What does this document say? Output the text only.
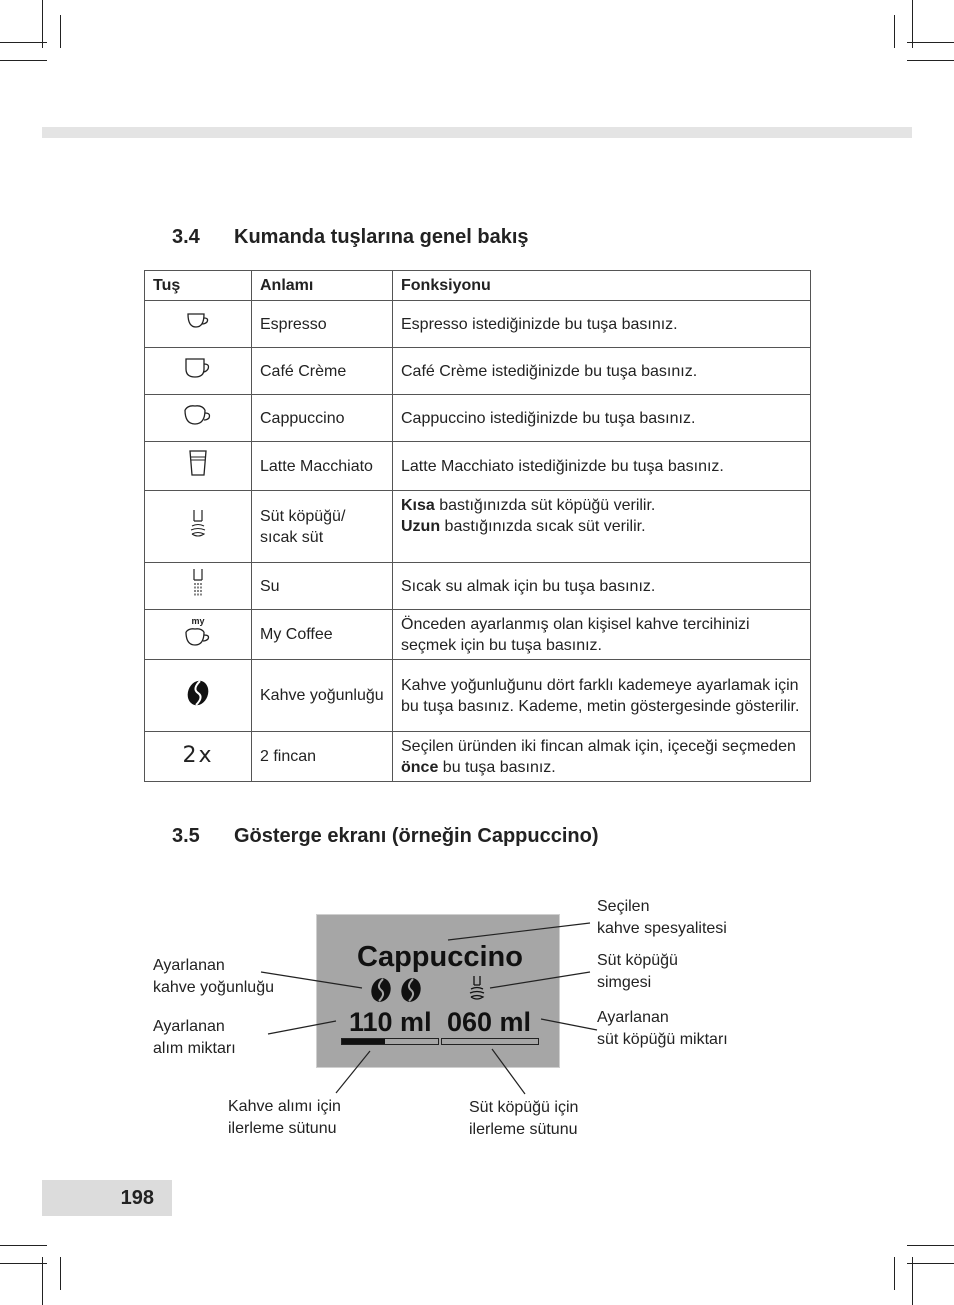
3.4 Kumanda tuşlarına genel bakış
Tuş	Anlamı	Fonksiyonu
	Espresso	Espresso istediğinizde bu tuşa basınız.
	Café Crème	Café Crème istediğinizde bu tuşa basınız.
	Cappuccino	Cappuccino istediğinizde bu tuşa basınız.
	Latte Macchiato	Latte Macchiato istediğinizde bu tuşa basınız.
	Süt köpüğü/ sıcak süt	Kısa bastığınızda süt köpüğü verilir.
Uzun bastığınızda sıcak süt verilir.
	Su	Sıcak su almak için bu tuşa basınız.

my	My Coffee	Önceden ayarlanmış olan kişisel kahve tercihinizi seçmek için bu tuşa basınız.
	Kahve yoğunluğu	Kahve yoğunluğunu dört farklı kademeye ayarlamak için bu tuşa basınız. Kademe, metin göstergesinde gösterilir.
2x	2 fincan	Seçilen üründen iki fincan almak için, içeceği seçmeden önce bu tuşa basınız.
3.5 Gösterge ekranı (örneğin Cappuccino)
Cappuccino
110 ml 060 ml
Seçilen
kahve spesyalitesi
Ayarlanan
kahve yoğunluğu
Süt köpüğü
simgesi
Ayarlanan
alım miktarı
Ayarlanan
süt köpüğü miktarı
Kahve alımı için
ilerleme sütunu
Süt köpüğü için
ilerleme sütunu
198
